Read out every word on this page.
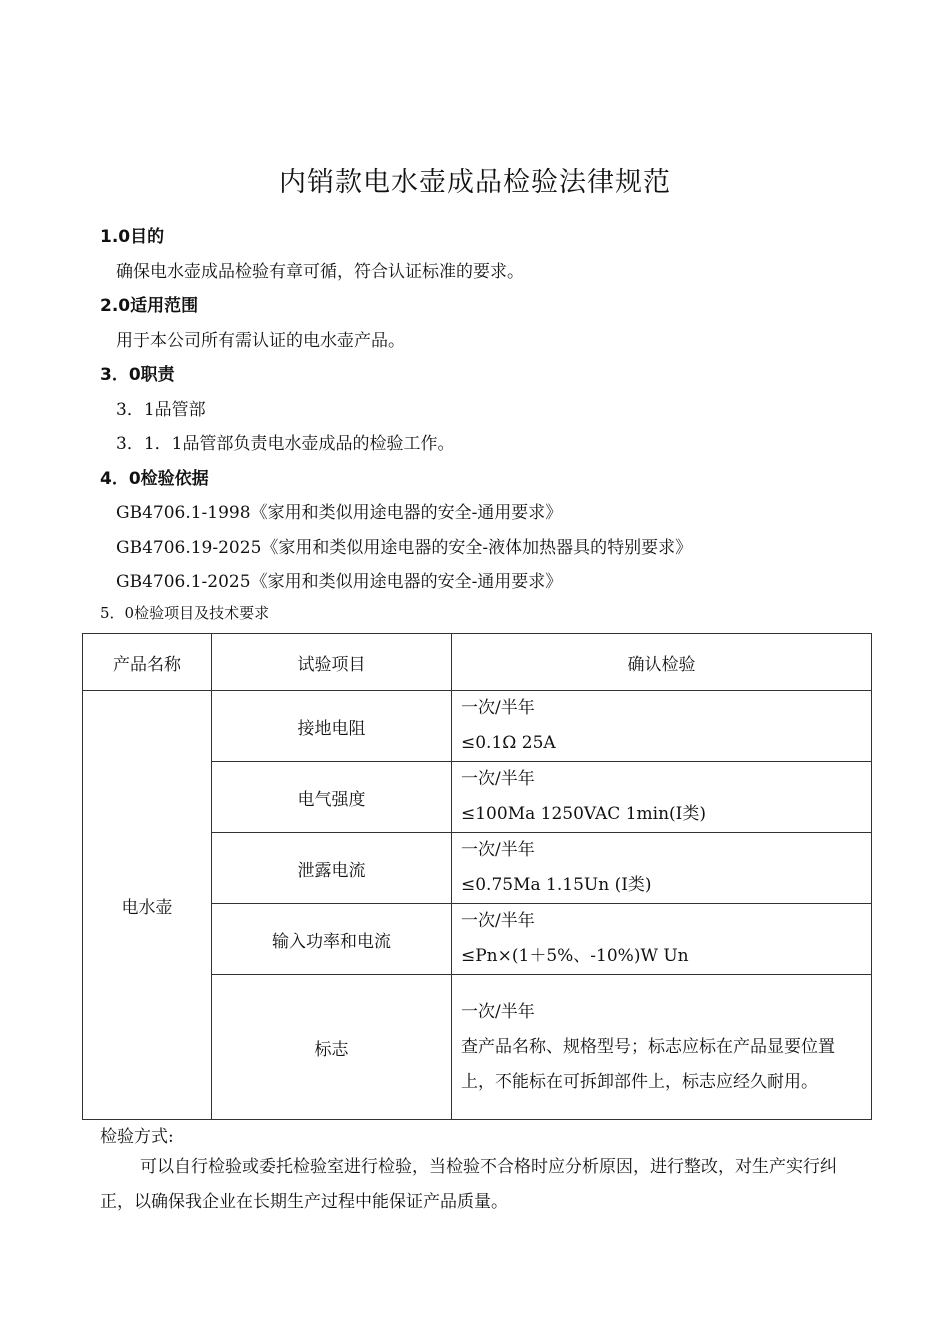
内销款电水壶成品检验法律规范
1.0目的
确保电水壶成品检验有章可循，符合认证标准的要求。
2.0适用范围
用于本公司所有需认证的电水壶产品。
3．0职责
3．1品管部
3．1．1品管部负责电水壶成品的检验工作。
4．0检验依据
GB4706.1-1998《家用和类似用途电器的安全-通用要求》
GB4706.19-2025《家用和类似用途电器的安全-液体加热器具的特别要求》
GB4706.1-2025《家用和类似用途电器的安全-通用要求》
5．0检验项目及技术要求
产品名称	试验项目	确认检验
电水壶	接地电阻	一次/半年
≤0.1Ω 25A

	电气强度	一次/半年
≤100Ma 1250VAC 1min(Ⅰ类)

	泄露电流	一次/半年
≤0.75Ma 1.15Un (Ⅰ类)

	输入功率和电流	一次/半年
≤Pn×(1＋5%、-10%)W Un

	标志	一次/半年
查产品名称、规格型号；标志应标在产品显要位置上，不能标在可拆卸部件上，标志应经久耐用。
检验方式:
可以自行检验或委托检验室进行检验，当检验不合格时应分析原因，进行整改，对生产实行纠正，以确保我企业在长期生产过程中能保证产品质量。
